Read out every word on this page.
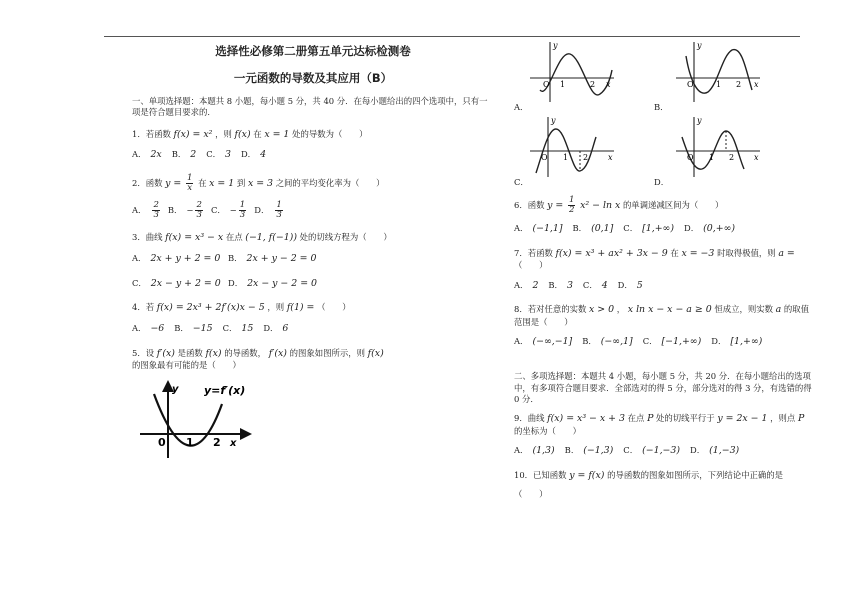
选择性必修第二册第五单元达标检测卷
一元函数的导数及其应用（B）
一、单项选择题：本题共 8 小题，每小题 5 分，共 40 分．在每小题给出的四个选项中，只有一项是符合题目要求的．
1．若函数 f(x) = x² ，则 f(x) 在 x = 1 处的导数为（　　）
A． 2x B． 2 C． 3 D． 4
2．函数 $y = \frac{1}{x}$ 在 x = 1 到 x = 3 之间的平均变化率为（　　）
A． $\frac{2}{3}$ B． − $\frac{2}{3}$ C． − $\frac{1}{3}$ D． $\frac{1}{3}$
3．曲线 f(x) = x³ − x 在点 (−1, f(−1)) 处的切线方程为（　　）
A． 2x + y + 2 = 0 B． 2x + y − 2 = 0
C． 2x − y + 2 = 0 D． 2x − y − 2 = 0
4．若 f(x) = 2x³ + 2f′(x)x − 5 ，则 f(1) = （　　）
A． −6 B． −15 C． 15 D． 6
5．设 f′(x) 是函数 f(x) 的导函数， f′(x) 的图象如图所示，则 f(x) 的图象最有可能的是（　　）
y y=f′(x)
0 1 2 x
y
O 1	2 x
A．
y
O	1 2 x
B．
y
O 1 2 x
C．
y
O 1 2 x
D．
6．函数 $y = \frac{1}{2} x^2 - \ln x$ 的单调递减区间为（　　）
A． (−1,1] B． (0,1] C． [1,+∞) D． (0,+∞)
7．若函数 f(x) = x³ + ax² + 3x − 9 在 x = −3 时取得极值，则 a = （　　）
A． 2 B． 3 C． 4 D． 5
8．若对任意的实数 x > 0 ， x ln x − x − a ≥ 0 恒成立，则实数 a 的取值范围是（　　）
A． (−∞,−1] B． (−∞,1] C． [−1,+∞) D． [1,+∞)
二、多项选择题：本题共 4 小题，每小题 5 分，共 20 分．在每小题给出的选项中，有多项符合题目要求．全部选对的得 5 分，部分选对的得 3 分，有选错的得 0 分．
9．曲线 f(x) = x³ − x + 3 在点 P 处的切线平行于 y = 2x − 1 ，则点 P 的坐标为（　　）
A． (1,3) B． (−1,3) C． (−1,−3) D． (1,−3)
10．已知函数 y = f(x) 的导函数的图象如图所示，下列结论中正确的是
（　　）
